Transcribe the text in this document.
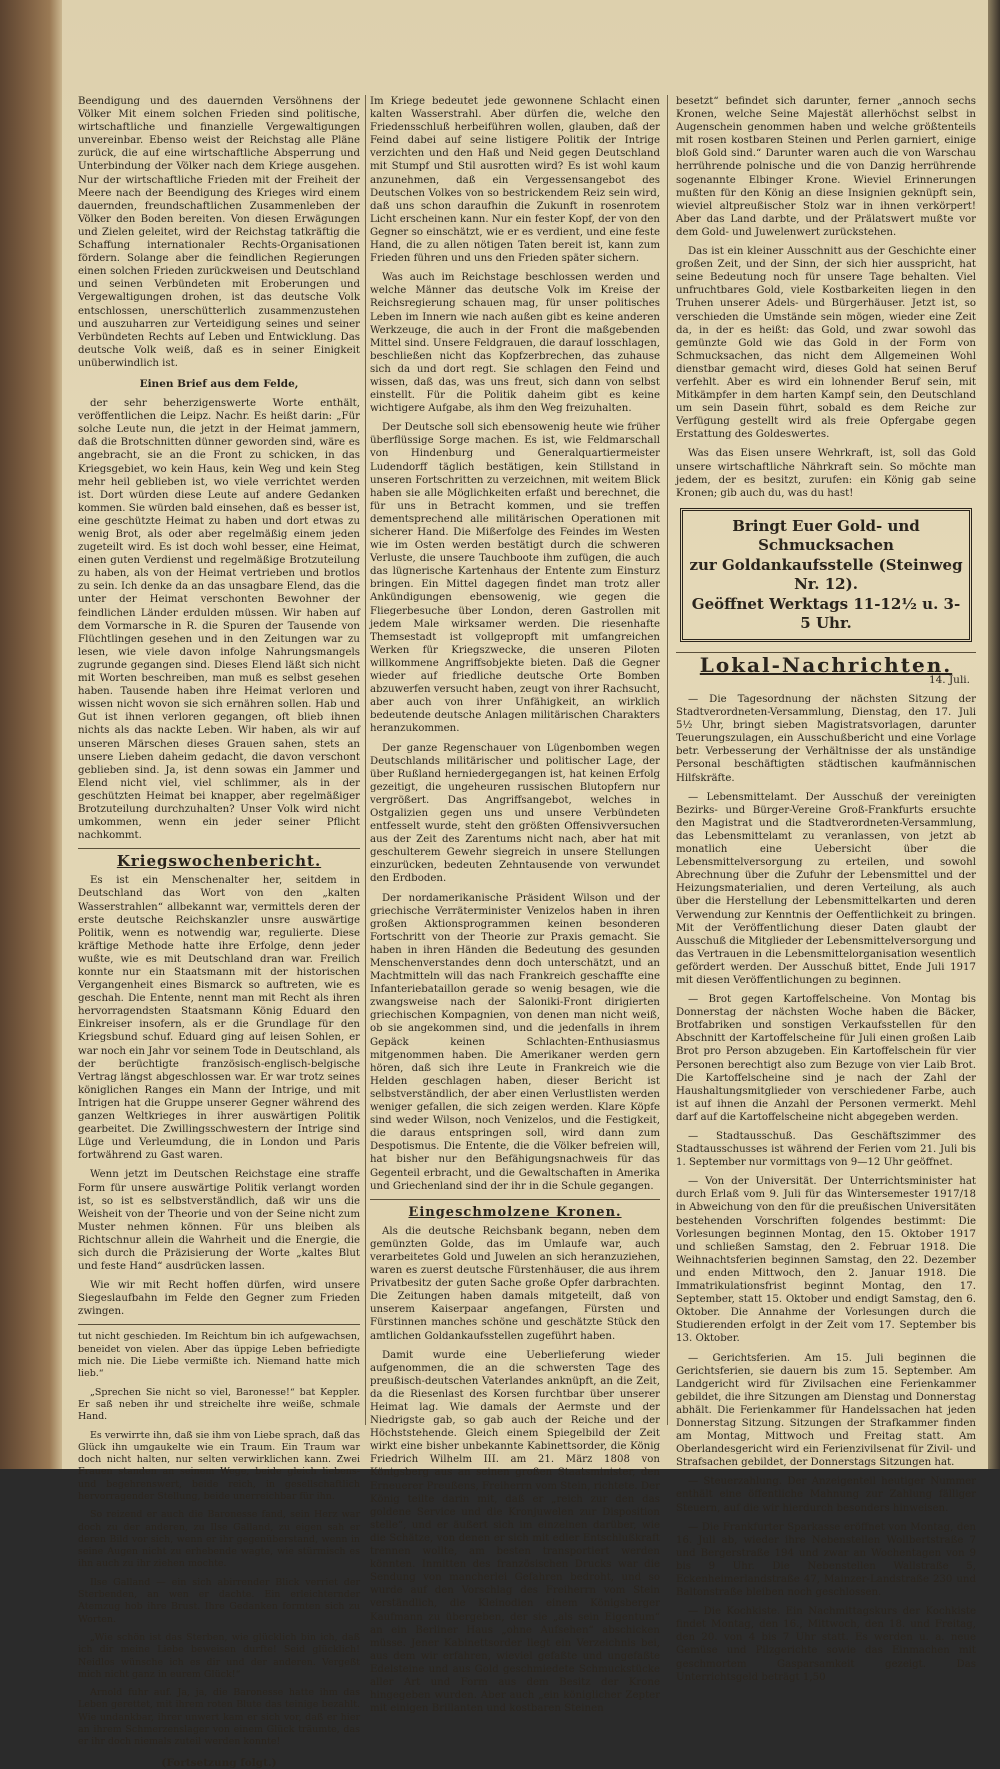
Beendigung und des dauernden Versöhnens der Völker Mit einem solchen Frieden sind politische, wirtschaftliche und finanzielle Vergewaltigungen unvereinbar. Ebenso weist der Reichstag alle Pläne zurück, die auf eine wirtschaftliche Absperrung und Unterbindung der Völker nach dem Kriege ausgehen. Nur der wirtschaftliche Frieden mit der Freiheit der Meere nach der Beendigung des Krieges wird einem dauernden, freundschaftlichen Zusammenleben der Völker den Boden bereiten. Von diesen Erwägungen und Zielen geleitet, wird der Reichstag tatkräftig die Schaffung internationaler Rechts-Organisationen fördern. Solange aber die feindlichen Regierungen einen solchen Frieden zurückweisen und Deutschland und seinen Verbündeten mit Eroberungen und Vergewaltigungen drohen, ist das deutsche Volk entschlossen, unerschütterlich zusammenzustehen und auszuharren zur Verteidigung seines und seiner Verbündeten Rechts auf Leben und Entwicklung. Das deutsche Volk weiß, daß es in seiner Einigkeit unüberwindlich ist.

Einen Brief aus dem Felde,

der sehr beherzigenswerte Worte enthält, veröffentlichen die Leipz. Nachr. Es heißt darin: „Für solche Leute nun, die jetzt in der Heimat jammern, daß die Brotschnitten dünner geworden sind, wäre es angebracht, sie an die Front zu schicken, in das Kriegsgebiet, wo kein Haus, kein Weg und kein Steg mehr heil geblieben ist, wo viele verrichtet werden ist. Dort würden diese Leute auf andere Gedanken kommen. Sie würden bald einsehen, daß es besser ist, eine geschützte Heimat zu haben und dort etwas zu wenig Brot, als oder aber regelmäßig einem jeden zugeteilt wird. Es ist doch wohl besser, eine Heimat, einen guten Verdienst und regelmäßige Brotzuteilung zu haben, als von der Heimat vertrieben und brotlos zu sein. Ich denke da an das unsagbare Elend, das die unter der Heimat verschonten Bewohner der feindlichen Länder erdulden müssen. Wir haben auf dem Vormarsche in R. die Spuren der Tausende von Flüchtlingen gesehen und in den Zeitungen war zu lesen, wie viele davon infolge Nahrungsmangels zugrunde gegangen sind. Dieses Elend läßt sich nicht mit Worten beschreiben, man muß es selbst gesehen haben. Tausende haben ihre Heimat verloren und wissen nicht wovon sie sich ernähren sollen. Hab und Gut ist ihnen verloren gegangen, oft blieb ihnen nichts als das nackte Leben. Wir haben, als wir auf unseren Märschen dieses Grauen sahen, stets an unsere Lieben daheim gedacht, die davon verschont geblieben sind. Ja, ist denn sowas ein Jammer und Elend nicht viel, viel schlimmer, als in der geschützten Heimat bei knapper, aber regelmäßiger Brotzuteilung durchzuhalten? Unser Volk wird nicht umkommen, wenn ein jeder seiner Pflicht nachkommt.

Kriegswochenbericht.

Es ist ein Menschenalter her, seitdem in Deutschland das Wort von den „kalten Wasserstrahlen“ allbekannt war, vermittels deren der erste deutsche Reichskanzler unsre auswärtige Politik, wenn es notwendig war, regulierte. Diese kräftige Methode hatte ihre Erfolge, denn jeder wußte, wie es mit Deutschland dran war. Freilich konnte nur ein Staatsmann mit der historischen Vergangenheit eines Bismarck so auftreten, wie es geschah. Die Entente, nennt man mit Recht als ihren hervorragendsten Staatsmann König Eduard den Einkreiser insofern, als er die Grundlage für den Kriegsbund schuf. Eduard ging auf leisen Sohlen, er war noch ein Jahr vor seinem Tode in Deutschland, als der berüchtigte französisch-englisch-belgische Vertrag längst abgeschlossen war. Er war trotz seines königlichen Ranges ein Mann der Intrige, und mit Intrigen hat die Gruppe unserer Gegner während des ganzen Weltkrieges in ihrer auswärtigen Politik gearbeitet. Die Zwillingsschwestern der Intrige sind Lüge und Verleumdung, die in London und Paris fortwährend zu Gast waren.

Wenn jetzt im Deutschen Reichstage eine straffe Form für unsere auswärtige Politik verlangt worden ist, so ist es selbstverständlich, daß wir uns die Weisheit von der Theorie und von der Seine nicht zum Muster nehmen können. Für uns bleiben als Richtschnur allein die Wahrheit und die Energie, die sich durch die Präzisierung der Worte „kaltes Blut und feste Hand“ ausdrücken lassen.

Wie wir mit Recht hoffen dürfen, wird unsere Siegeslaufbahn im Felde den Gegner zum Frieden zwingen.

tut nicht geschieden. Im Reichtum bin ich aufgewachsen, beneidet von vielen. Aber das üppige Leben befriedigte mich nie. Die Liebe vermißte ich. Niemand hatte mich lieb.“

„Sprechen Sie nicht so viel, Baronesse!“ bat Keppler. Er saß neben ihr und streichelte ihre weiße, schmale Hand.

Es verwirrte ihn, daß sie ihm von Liebe sprach, daß das Glück ihn umgaukelte wie ein Traum. Ein Traum war doch nicht halten, nur selten verwirklichen kann. Zwei Frauen standen an seinem Wege, beide gleich liebens- und begehrenswert, beide reich, in gesellschaftlich hervorragender Stellung, beide unerreichbar für ihn.

So reizend er auch die Baronesse fand, sein Herz war doch zu der anderen, zu Ilse Galland, zu eigen sah er deren Bild vor sich, wenn er ihr gegenüberstand, wenn in seine Augen nicht zu erhebende wagte, wie stürmisch es ihn auch zu ihr ziehen mochte.

Ilse Galland — ein sich abirrender Blick verriet der Sterbenden, an wen er dachte. Ein erleichternder Atemzug hob ihre Brust. Ihre Gedanken formten sich zu Worten.

„Wie schön ist das Sterben, wie glücklich bin ich, daß ich dir meine Liebe beweisen durfte! Seid glücklich! Neidlos wünsche ich es dir und der anderen. Vergeßt mich nicht ganz in eurem Glück!“

Arnold fuhr auf. Ja, ja, die Baronesse hatte ihm das Leben gerettet, mit ihrem roten Blute das teinige bezahlt. Wie undankbar, ihrer unwert kam er sich vor, daß er hier an ihrem Schmerzenslager von einem Glück träumte, das er ihr doch niemals zuteil werden konnte!

(Fortsetzung folgt.)

Im Kriege bedeutet jede gewonnene Schlacht einen kalten Wasserstrahl. Aber dürfen die, welche den Friedensschluß herbeiführen wollen, glauben, daß der Feind dabei auf seine listigere Politik der Intrige verzichten und den Haß und Neid gegen Deutschland mit Stumpf und Stil ausrotten wird? Es ist wohl kaum anzunehmen, daß ein Vergessensangebot des Deutschen Volkes von so bestrickendem Reiz sein wird, daß uns schon daraufhin die Zukunft in rosenrotem Licht erscheinen kann. Nur ein fester Kopf, der von den Gegner so einschätzt, wie er es verdient, und eine feste Hand, die zu allen nötigen Taten bereit ist, kann zum Frieden führen und uns den Frieden später sichern.

Was auch im Reichstage beschlossen werden und welche Männer das deutsche Volk im Kreise der Reichsregierung schauen mag, für unser politisches Leben im Innern wie nach außen gibt es keine anderen Werkzeuge, die auch in der Front die maßgebenden Mittel sind. Unsere Feldgrauen, die darauf losschlagen, beschließen nicht das Kopfzerbrechen, das zuhause sich da und dort regt. Sie schlagen den Feind und wissen, daß das, was uns freut, sich dann von selbst einstellt. Für die Politik daheim gibt es keine wichtigere Aufgabe, als ihm den Weg freizuhalten.

Der Deutsche soll sich ebensowenig heute wie früher überflüssige Sorge machen. Es ist, wie Feldmarschall von Hindenburg und Generalquartiermeister Ludendorff täglich bestätigen, kein Stillstand in unseren Fortschritten zu verzeichnen, mit weitem Blick haben sie alle Möglichkeiten erfaßt und berechnet, die für uns in Betracht kommen, und sie treffen dementsprechend alle militärischen Operationen mit sicherer Hand. Die Mißerfolge des Feindes im Westen wie im Osten werden bestätigt durch die schweren Verluste, die unsere Tauchboote ihm zufügen, die auch das lügnerische Kartenhaus der Entente zum Einsturz bringen. Ein Mittel dagegen findet man trotz aller Ankündigungen ebensowenig, wie gegen die Fliegerbesuche über London, deren Gastrollen mit jedem Male wirksamer werden. Die riesenhafte Themsestadt ist vollgepropft mit umfangreichen Werken für Kriegszwecke, die unseren Piloten willkommene Angriffsobjekte bieten. Daß die Gegner wieder auf friedliche deutsche Orte Bomben abzuwerfen versucht haben, zeugt von ihrer Rachsucht, aber auch von ihrer Unfähigkeit, an wirklich bedeutende deutsche Anlagen militärischen Charakters heranzukommen.

Der ganze Regenschauer von Lügenbomben wegen Deutschlands militärischer und politischer Lage, der über Rußland herniedergegangen ist, hat keinen Erfolg gezeitigt, die ungeheuren russischen Blutopfern nur vergrößert. Das Angriffsangebot, welches in Ostgalizien gegen uns und unsere Verbündeten entfesselt wurde, steht den größten Offensivversuchen aus der Zeit des Zarentums nicht nach, aber hat mit geschulterem Gewehr siegreich in unsere Stellungen einzurücken, bedeuten Zehntausende von verwundet den Erdboden.

Der nordamerikanische Präsident Wilson und der griechische Verräterminister Venizelos haben in ihren großen Aktionsprogrammen keinen besonderen Fortschritt von der Theorie zur Praxis gemacht. Sie haben in ihren Händen die Bedeutung des gesunden Menschenverstandes denn doch unterschätzt, und an Machtmitteln will das nach Frankreich geschaffte eine Infanteriebataillon gerade so wenig besagen, wie die zwangsweise nach der Saloniki-Front dirigierten griechischen Kompagnien, von denen man nicht weiß, ob sie angekommen sind, und die jedenfalls in ihrem Gepäck keinen Schlachten-Enthusiasmus mitgenommen haben. Die Amerikaner werden gern hören, daß sich ihre Leute in Frankreich wie die Helden geschlagen haben, dieser Bericht ist selbstverständlich, der aber einen Verlustlisten werden weniger gefallen, die sich zeigen werden. Klare Köpfe sind weder Wilson, noch Venizelos, und die Festigkeit, die daraus entspringen soll, wird dann zum Despotismus. Die Entente, die die Völker befreien will, hat bisher nur den Befähigungsnachweis für das Gegenteil erbracht, und die Gewaltschaften in Amerika und Griechenland sind der ihr in die Schule gegangen.

Eingeschmolzene Kronen.

Als die deutsche Reichsbank begann, neben dem gemünzten Golde, das im Umlaufe war, auch verarbeitetes Gold und Juwelen an sich heranzuziehen, waren es zuerst deutsche Fürstenhäuser, die aus ihrem Privatbesitz der guten Sache große Opfer darbrachten. Die Zeitungen haben damals mitgeteilt, daß von unserem Kaiserpaar angefangen, Fürsten und Fürstinnen manches schöne und geschätzte Stück den amtlichen Goldankaufsstellen zugeführt haben.

Damit wurde eine Ueberlieferung wieder aufgenommen, die an die schwersten Tage des preußisch-deutschen Vaterlandes anknüpft, an die Zeit, da die Riesenlast des Korsen furchtbar über unserer Heimat lag. Wie damals der Aermste und der Niedrigste gab, so gab auch der Reiche und der Höchststehende. Gleich einem Spiegelbild der Zeit wirkt eine bisher unbekannte Kabinettsorder, die König Friedrich Wilhelm III. am 21. März 1808 von Königsberg aus an seinen großen Staatsminister, den Erneuerer Preußens, Freiherrn vom Stein, richtete. Der König teilte darin mit, daß er „reich zur den das goldene Service und die Kronjuwelen zur Disposition stelle“, und er äußert sich im einzelnen darüber, wie die Schätze, von denen er sich mit edler Entschlußkraft trennen wollte, am besten transportiert werden könnten. Inmitten des französischen Drucks war die Sendung von mancherlei Gefahren bedroht, und so wurde auf den Vorschlag des Freiherrn vom Stein verständlich, die Kleinodien einem Königsberger Kaufmann zu übergeben, der sie „als sein Eigentum“ an ein Berliner Haus „ohne Aufsehen“ abschicken müsse. Jener Kabinettsorder liegt ein Verzeichnis bei, aus dem wir erfahren, wieviel gefaßte und ungefaßte Edelsteine und aus Gold geschmiedete Schmuckstücke aller Art und Form aus dem Besitz der Krone hingegeben wurden. Aber auch „ein königlicher Zepter mit einigen Brillanten und kostbaren Steinen

besetzt“ befindet sich darunter, ferner „annoch sechs Kronen, welche Seine Majestät allerhöchst selbst in Augenschein genommen haben und welche größtenteils mit rosen kostbaren Steinen und Perlen garniert, einige bloß Gold sind.“ Darunter waren auch die von Warschau herrührende polnische und die von Danzig herrührende sogenannte Elbinger Krone. Wieviel Erinnerungen mußten für den König an diese Insignien geknüpft sein, wieviel altpreußischer Stolz war in ihnen verkörpert! Aber das Land darbte, und der Prälatswert mußte vor dem Gold- und Juwelenwert zurückstehen.

Das ist ein kleiner Ausschnitt aus der Geschichte einer großen Zeit, und der Sinn, der sich hier ausspricht, hat seine Bedeutung noch für unsere Tage behalten. Viel unfruchtbares Gold, viele Kostbarkeiten liegen in den Truhen unserer Adels- und Bürgerhäuser. Jetzt ist, so verschieden die Umstände sein mögen, wieder eine Zeit da, in der es heißt: das Gold, und zwar sowohl das gemünzte Gold wie das Gold in der Form von Schmucksachen, das nicht dem Allgemeinen Wohl dienstbar gemacht wird, dieses Gold hat seinen Beruf verfehlt. Aber es wird ein lohnender Beruf sein, mit Mitkämpfer in dem harten Kampf sein, den Deutschland um sein Dasein führt, sobald es dem Reiche zur Verfügung gestellt wird als freie Opfergabe gegen Erstattung des Goldeswertes.

Was das Eisen unsere Wehrkraft, ist, soll das Gold unsere wirtschaftliche Nährkraft sein. So möchte man jedem, der es besitzt, zurufen: ein König gab seine Kronen; gib auch du, was du hast!

Bringt Euer Gold- und Schmucksachen
zur Goldankaufsstelle (Steinweg Nr. 12).
Geöffnet Werktags 11-12½ u. 3-5 Uhr.
Lokal-Nachrichten.
14. Juli.

— Die Tagesordnung der nächsten Sitzung der Stadtverordneten-Versammlung, Dienstag, den 17. Juli 5½ Uhr, bringt sieben Magistratsvorlagen, darunter Teuerungszulagen, ein Ausschußbericht und eine Vorlage betr. Verbesserung der Verhältnisse der als unständige Personal beschäftigten städtischen kaufmännischen Hilfskräfte.

— Lebensmittelamt. Der Ausschuß der vereinigten Bezirks- und Bürger-Vereine Groß-Frankfurts ersuchte den Magistrat und die Stadtverordneten-Versammlung, das Lebensmittelamt zu veranlassen, von jetzt ab monatlich eine Uebersicht über die Lebensmittelversorgung zu erteilen, und sowohl Abrechnung über die Zufuhr der Lebensmittel und der Heizungsmaterialien, und deren Verteilung, als auch über die Herstellung der Lebensmittelkarten und deren Verwendung zur Kenntnis der Oeffentlichkeit zu bringen. Mit der Veröffentlichung dieser Daten glaubt der Ausschuß die Mitglieder der Lebensmittelversorgung und das Vertrauen in die Lebensmittelorganisation wesentlich gefördert werden. Der Ausschuß bittet, Ende Juli 1917 mit diesen Veröffentlichungen zu beginnen.

— Brot gegen Kartoffelscheine. Von Montag bis Donnerstag der nächsten Woche haben die Bäcker, Brotfabriken und sonstigen Verkaufsstellen für den Abschnitt der Kartoffelscheine für Juli einen großen Laib Brot pro Person abzugeben. Ein Kartoffelschein für vier Personen berechtigt also zum Bezuge von vier Laib Brot. Die Kartoffelscheine sind je nach der Zahl der Haushaltungsmitglieder von verschiedener Farbe, auch ist auf ihnen die Anzahl der Personen vermerkt. Mehl darf auf die Kartoffelscheine nicht abgegeben werden.

— Stadtausschuß. Das Geschäftszimmer des Stadtausschusses ist während der Ferien vom 21. Juli bis 1. September nur vormittags von 9—12 Uhr geöffnet.

— Von der Universität. Der Unterrichtsminister hat durch Erlaß vom 9. Juli für das Wintersemester 1917/18 in Abweichung von den für die preußischen Universitäten bestehenden Vorschriften folgendes bestimmt: Die Vorlesungen beginnen Montag, den 15. Oktober 1917 und schließen Samstag, den 2. Februar 1918. Die Weihnachtsferien beginnen Samstag, den 22. Dezember und enden Mittwoch, den 2. Januar 1918. Die Immatrikulationsfrist beginnt Montag, den 17. September, statt 15. Oktober und endigt Samstag, den 6. Oktober. Die Annahme der Vorlesungen durch die Studierenden erfolgt in der Zeit vom 17. September bis 13. Oktober.

— Gerichtsferien. Am 15. Juli beginnen die Gerichtsferien, sie dauern bis zum 15. September. Am Landgericht wird für Zivilsachen eine Ferienkammer gebildet, die ihre Sitzungen am Dienstag und Donnerstag abhält. Die Ferienkammer für Handelssachen hat jeden Donnerstag Sitzung. Sitzungen der Strafkammer finden am Montag, Mittwoch und Freitag statt. Am Oberlandesgericht wird ein Ferienzivilsenat für Zivil- und Strafsachen gebildet, der Donnerstags Sitzungen hat.

— Steuerzahlung. Der Anzeigenteil heutiger Nummer enthält eine öffentliche Mahnung zur Zahlung fälliger Steuern, auf die wir hierdurch besonders hinweisen.

— Die Frankfurter Sparkasse eröffnet von Montag, den 16. Juli ab, wieder ihre Nebenstellen Wollbertstraße 7 und Bergerstraße 194 und zwar an Wochentagen von 9 bis 9 Uhr. Die Nebenstellen Wallstraße 5, Eckenheimerlandstraße 47, Mainzer-Landstraße 230 und Baltonstraße bleiben noch geschlossen.

— Die Kochkiste. Ein Nachmittagskurs der Kochkiste findet Montag, den 16., Mittwoch, den 18. und Freitag, den 20. von 4 bis 7 Uhr statt. Es werden u. a. neue Gemüse und Pilzgerichte sowie das Einmachen mit geschmortem Gasparsamkeit gezeigt. Das Unterrichtsgeld beträgt 1,50
